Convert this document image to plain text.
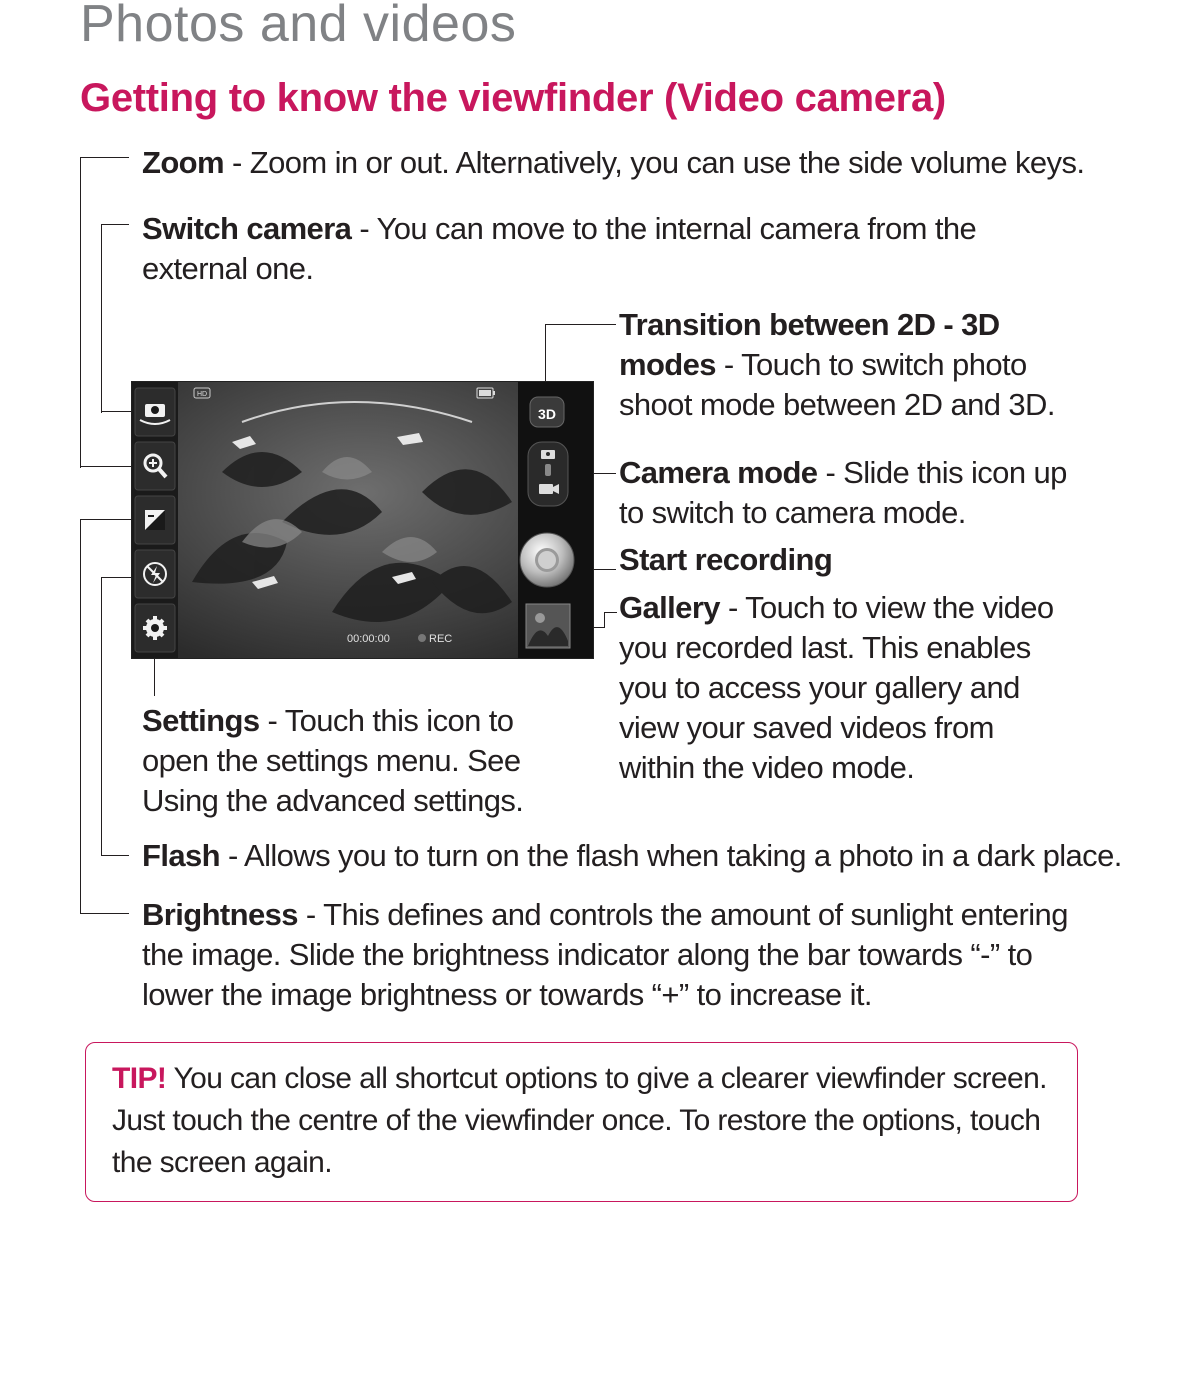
Photos and videos
Getting to know the viewfinder (Video camera)
Zoom - Zoom in or out. Alternatively, you can use the side volume keys.
Switch camera - You can move to the internal camera from the external one.
Transition between 2D - 3D modes - Touch to switch photo shoot mode between 2D and 3D.
Camera mode - Slide this icon up to switch to camera mode.
Start recording
Gallery - Touch to view the video you recorded last. This enables you to access your gallery and view your saved videos from within the video mode.
Settings - Touch this icon to open the settings menu. See Using the advanced settings.
Flash - Allows you to turn on the flash when taking a photo in a dark place.
Brightness - This defines and controls the amount of sunlight entering the image. Slide the brightness indicator along the bar towards “-” to lower the image brightness or towards “+” to increase it.
3D
HD
00:00:00	REC
TIP! You can close all shortcut options to give a clearer viewfinder screen. Just touch the centre of the viewfinder once. To restore the options, touch the screen again.
